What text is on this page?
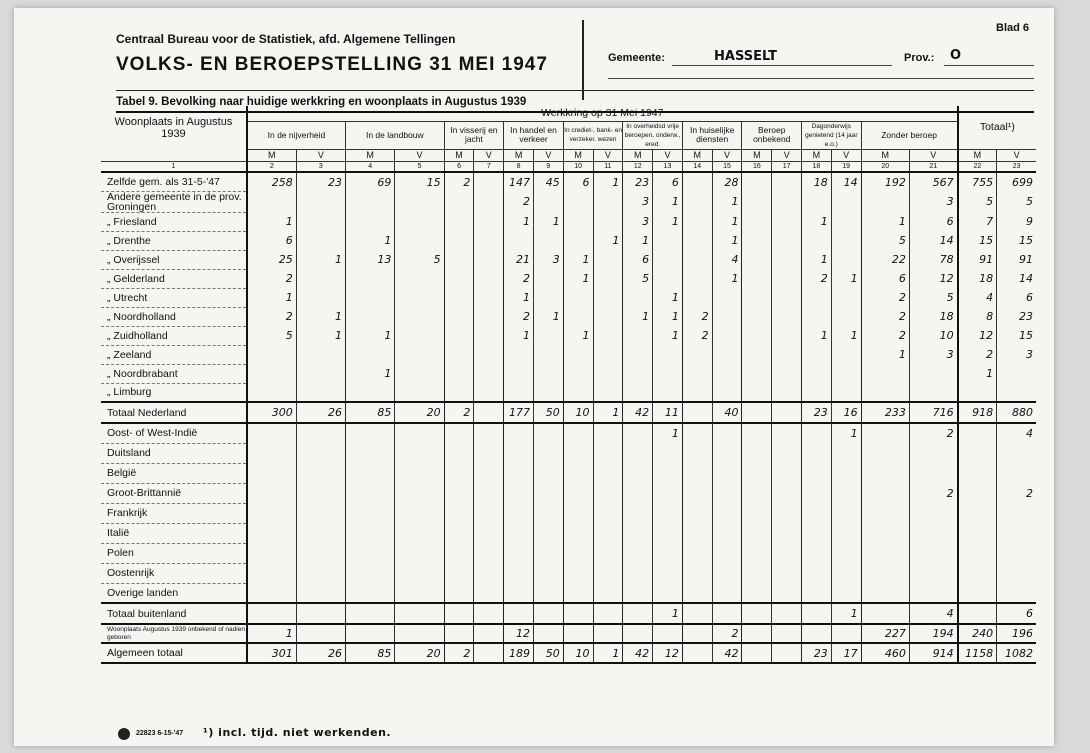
Centraal Bureau voor de Statistiek, afd. Algemene Tellingen
VOLKS- EN BEROEPSTELLING 31 MEI 1947
Blad 6
Gemeente:	HASSELT	Prov.: O
Tabel 9. Bevolking naar huidige werkkring en woonplaats in Augustus 1939
Woonplaats in Augustus 1939	Werkkring op 31 Mei 1947																				Totaal¹)	
	In de nijverheid		In de landbouw		In visserij en jacht		In handel en verkeer		In crediet-, bank- en verzeker. wezen		In overheidsd vrije beroepen, onderw., ered.		In huiselijke diensten		Beroep onbekend		Dagonderwijs genietend (14 jaar e.o.)		Zonder beroep			
	M	V	M	V	M	V	M	V	M	V	M	V	M	V	M	V	M	V	M	V	M	V
1	2	3	4	5	6	7	8	9	10	11	12	13	14	15	16	17	18	19	20	21	22	23
Zelfde gem. als 31-5-'47	258	23	69	15	2		147	45	6	1	23	6		28			18	14	192	567	755	699
Andere gemeente in de prov. Groningen							2				3	1		1						3	5	5
„ Friesland	1						1	1			3	1		1			1		1	6	7	9
„ Drenthe	6		1							1	1			1					5	14	15	15
„ Overijssel	25	1	13	5			21	3	1		6			4			1		22	78	91	91
„ Gelderland	2						2		1		5			1			2	1	6	12	18	14
„ Utrecht	1						1					1							2	5	4	6
„ Noordholland	2	1					2	1			1	1	2						2	18	8	23
„ Zuidholland	5	1	1				1		1			1	2				1	1	2	10	12	15
„ Zeeland																			1	3	2	3
„ Noordbrabant			1																		1	
„ Limburg																						
Totaal Nederland	300	26	85	20	2		177	50	10	1	42	11		40			23	16	233	716	918	880
Oost- of West-Indië												1						1		2		4
Duitsland																						
België																						
Groot-Brittannië																				2		2
Frankrijk																						
Italië																						
Polen																						
Oostenrijk																						
Overige landen																						
Totaal buitenland												1						1		4		6
Woonplaats Augustus 1939 onbekend of nadien geboren	1						12							2					227	194	240	196
Algemeen totaal	301	26	85	20	2		189	50	10	1	42	12		42			23	17	460	914	1158	1082
22823 6-15-'47 ¹) incl. tijd. niet werkenden.
